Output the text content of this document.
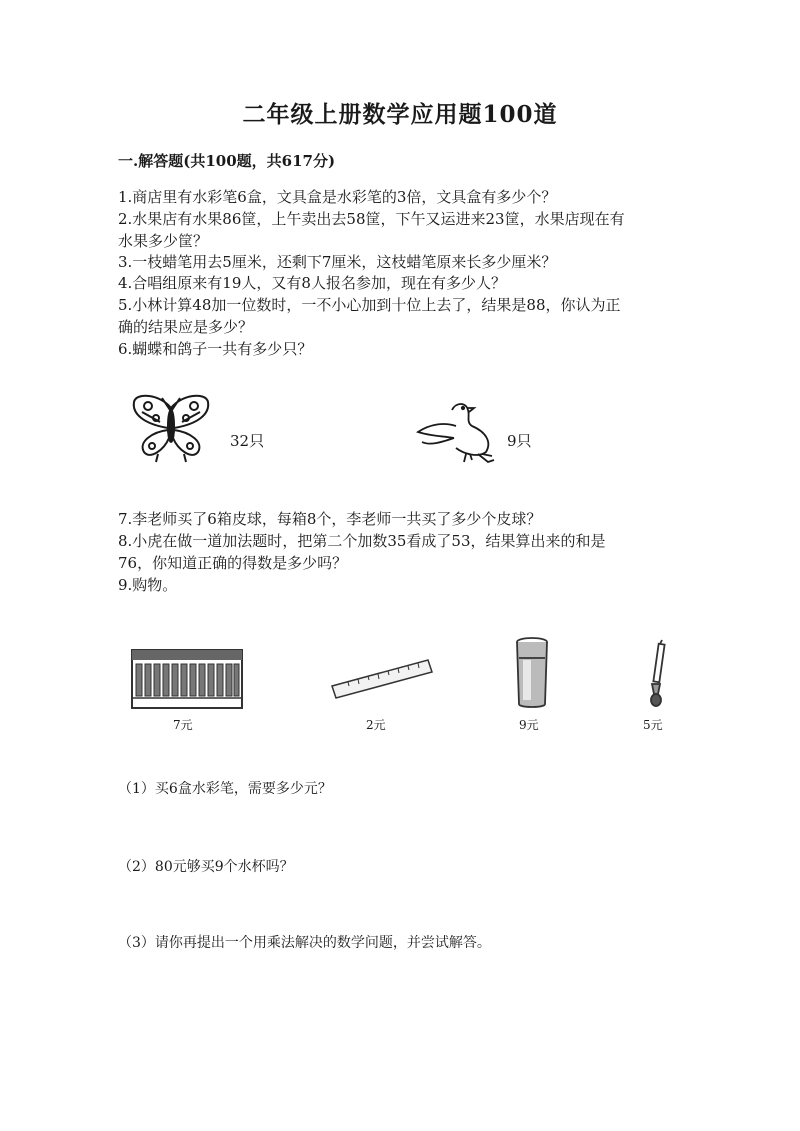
二年级上册数学应用题100道
一.解答题(共100题，共617分)
1.商店里有水彩笔6盒，文具盒是水彩笔的3倍，文具盒有多少个？
2.水果店有水果86筐，上午卖出去58筐，下午又运进来23筐，水果店现在有
水果多少筐？
3.一枝蜡笔用去5厘米，还剩下7厘米，这枝蜡笔原来长多少厘米？
4.合唱组原来有19人，又有8人报名参加，现在有多少人？
5.小林计算48加一位数时，一不小心加到十位上去了，结果是88，你认为正
确的结果应是多少？
6.蝴蝶和鸽子一共有多少只？
32只	9只
7.李老师买了6箱皮球，每箱8个，李老师一共买了多少个皮球？
8.小虎在做一道加法题时，把第二个加数35看成了53，结果算出来的和是
76，你知道正确的得数是多少吗？
9.购物。
7元	2元	9元	5元
（1）买6盒水彩笔，需要多少元？
（2）80元够买9个水杯吗？
（3）请你再提出一个用乘法解决的数学问题，并尝试解答。
